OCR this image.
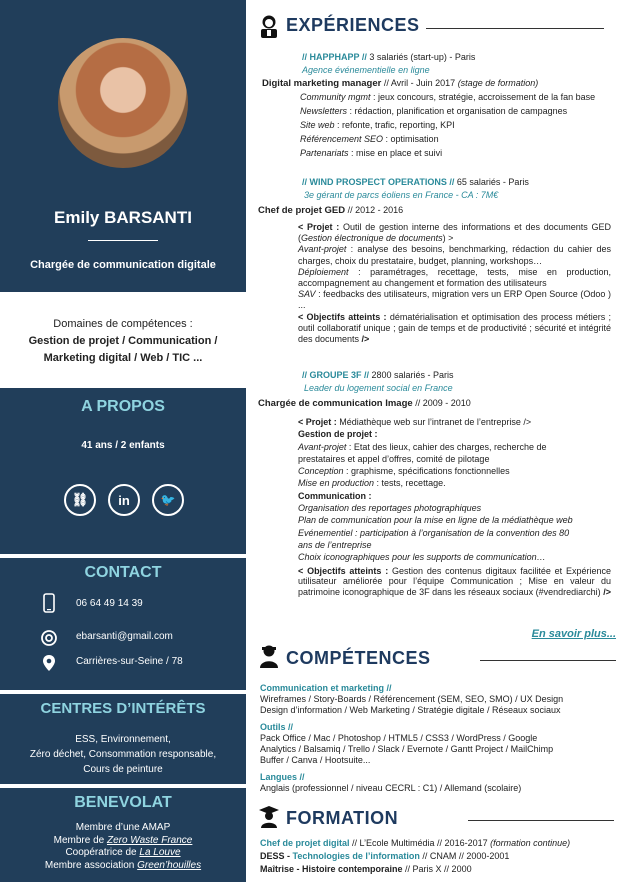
Emily BARSANTI
Chargée de communication digitale
Domaines de compétences :
Gestion de projet / Communication /
Marketing digital / Web / TIC ...
A PROPOS
41 ans / 2 enfants
⛓ in	🐦
CONTACT
06 64 49 14 39
ebarsanti@gmail.com
Carrières-sur-Seine / 78
CENTRES D’INTÉRÊTS
ESS, Environnement,
Zéro déchet, Consommation responsable,
Cours de peinture
BENEVOLAT
Membre d’une AMAP
Membre de Zero Waste France
Coopératrice de La Louve
Membre association Green’houilles
EXPÉRIENCES
// HAPPHAPP // 3 salariés (start-up) - Paris
Agence événementielle en ligne
Digital marketing manager // Avril - Juin 2017 (stage de formation)
Community mgmt : jeux concours, stratégie, accroissement de la fan base
Newsletters : rédaction, planification et organisation de campagnes
Site web : refonte, trafic, reporting, KPI
Référencement SEO : optimisation
Partenariats : mise en place et suivi
// WIND PROSPECT OPERATIONS // 65 salariés - Paris
3e gérant de parcs éoliens en France - CA : 7M€
Chef de projet GED // 2012 - 2016
< Projet : Outil de gestion interne des informations et des documents GED (Gestion électronique de documents) >
Avant-projet : analyse des besoins, benchmarking, rédaction du cahier des charges, choix du prestataire, budget, planning, workshops…
Déploiement : paramétrages, recettage, tests, mise en production, accompagnement au changement et formation des utilisateurs
SAV : feedbacks des utilisateurs, migration vers un ERP Open Source (Odoo ) ...
< Objectifs atteints : dématérialisation et optimisation des process métiers ; outil collaboratif unique ; gain de temps et de productivité ; sécurité et intégrité des documents />
// GROUPE 3F // 2800 salariés - Paris
Leader du logement social en France
Chargée de communication Image // 2009 - 2010
< Projet : Médiathèque web sur l’intranet de l’entreprise />
Gestion de projet :
Avant-projet : Etat des lieux, cahier des charges, recherche de
prestataires et appel d’offres, comité de pilotage
Conception : graphisme, spécifications fonctionnelles
Mise en production : tests, recettage.
Communication :
Organisation des reportages photographiques
Plan de communication pour la mise en ligne de la médiathèque web
Evénementiel : participation à l’organisation de la convention des 80
ans de l’entreprise
Choix iconographiques pour les supports de communication…
< Objectifs atteints : Gestion des contenus digitaux facilitée et Expérience utilisateur améliorée pour l’équipe Communication ; Mise en valeur du patrimoine iconographique de 3F dans les réseaux sociaux (#vendrediarchi) />
En savoir plus...
COMPÉTENCES
Communication et marketing //
Wireframes / Story-Boards / Référencement (SEM, SEO, SMO) / UX Design
Design d’information / Web Marketing / Stratégie digitale / Réseaux sociaux
Outils //
Pack Office / Mac / Photoshop / HTML5 / CSS3 / WordPress / Google
Analytics / Balsamiq / Trello / Slack / Evernote / Gantt Project / MailChimp
Buffer / Canva / Hootsuite...
Langues //
Anglais (professionnel / niveau CECRL : C1) / Allemand (scolaire)
FORMATION
Chef de projet digital // L’Ecole Multimédia // 2016-2017 (formation continue)
DESS - Technologies de l’information // CNAM // 2000-2001
Maîtrise - Histoire contemporaine // Paris X // 2000
